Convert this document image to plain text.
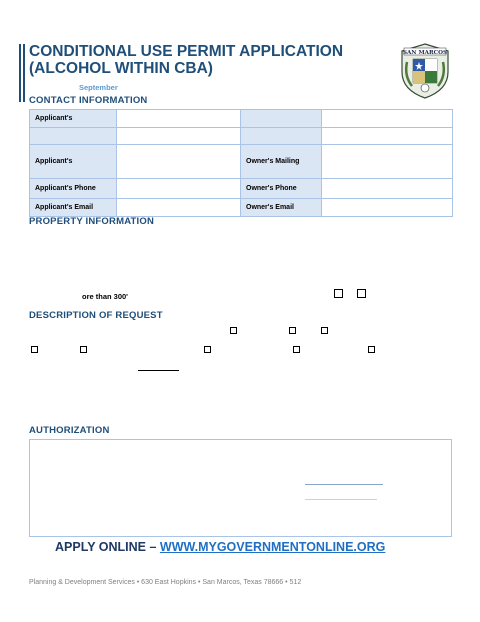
CONDITIONAL USE PERMIT APPLICATION
(ALCOHOL WITHIN CBA)
September
SAN MARCOS
CONTACT INFORMATION
Applicant's			

Applicant's		Owner's Mailing	
Applicant's Phone		Owner's Phone	
Applicant's Email		Owner's Email	
PROPERTY INFORMATION
ore than 300'
DESCRIPTION OF REQUEST
AUTHORIZATION
APPLY ONLINE – WWW.MYGOVERNMENTONLINE.ORG
Planning & Development Services • 630 East Hopkins • San Marcos, Texas 78666 • 512
